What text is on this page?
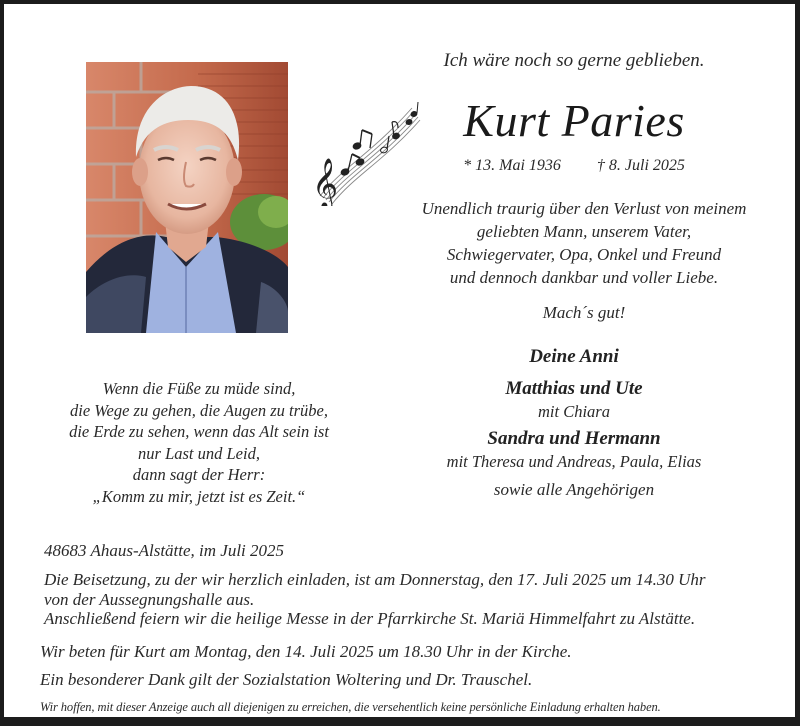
𝄞
Ich wäre noch so gerne geblieben.
Kurt Paries
* 13. Mai 1936 † 8. Juli 2025
Unendlich traurig über den Verlust von meinem
geliebten Mann, unserem Vater,
Schwiegervater, Opa, Onkel und Freund
und dennoch dankbar und voller Liebe.
Mach´s gut!
Deine Anni
Matthias und Ute
mit Chiara
Sandra und Hermann
mit Theresa und Andreas, Paula, Elias
sowie alle Angehörigen
Wenn die Füße zu müde sind,
die Wege zu gehen, die Augen zu trübe,
die Erde zu sehen, wenn das Alt sein ist
nur Last und Leid,
dann sagt der Herr:
„Komm zu mir, jetzt ist es Zeit.“
48683 Ahaus-Alstätte, im Juli 2025
Die Beisetzung, zu der wir herzlich einladen, ist am Donnerstag, den 17. Juli 2025 um 14.30 Uhr
von der Aussegnungshalle aus.
Anschließend feiern wir die heilige Messe in der Pfarrkirche St. Mariä Himmelfahrt zu Alstätte.
Wir beten für Kurt am Montag, den 14. Juli 2025 um 18.30 Uhr in der Kirche.
Ein besonderer Dank gilt der Sozialstation Woltering und Dr. Trauschel.
Wir hoffen, mit dieser Anzeige auch all diejenigen zu erreichen, die versehentlich keine persönliche Einladung erhalten haben.
